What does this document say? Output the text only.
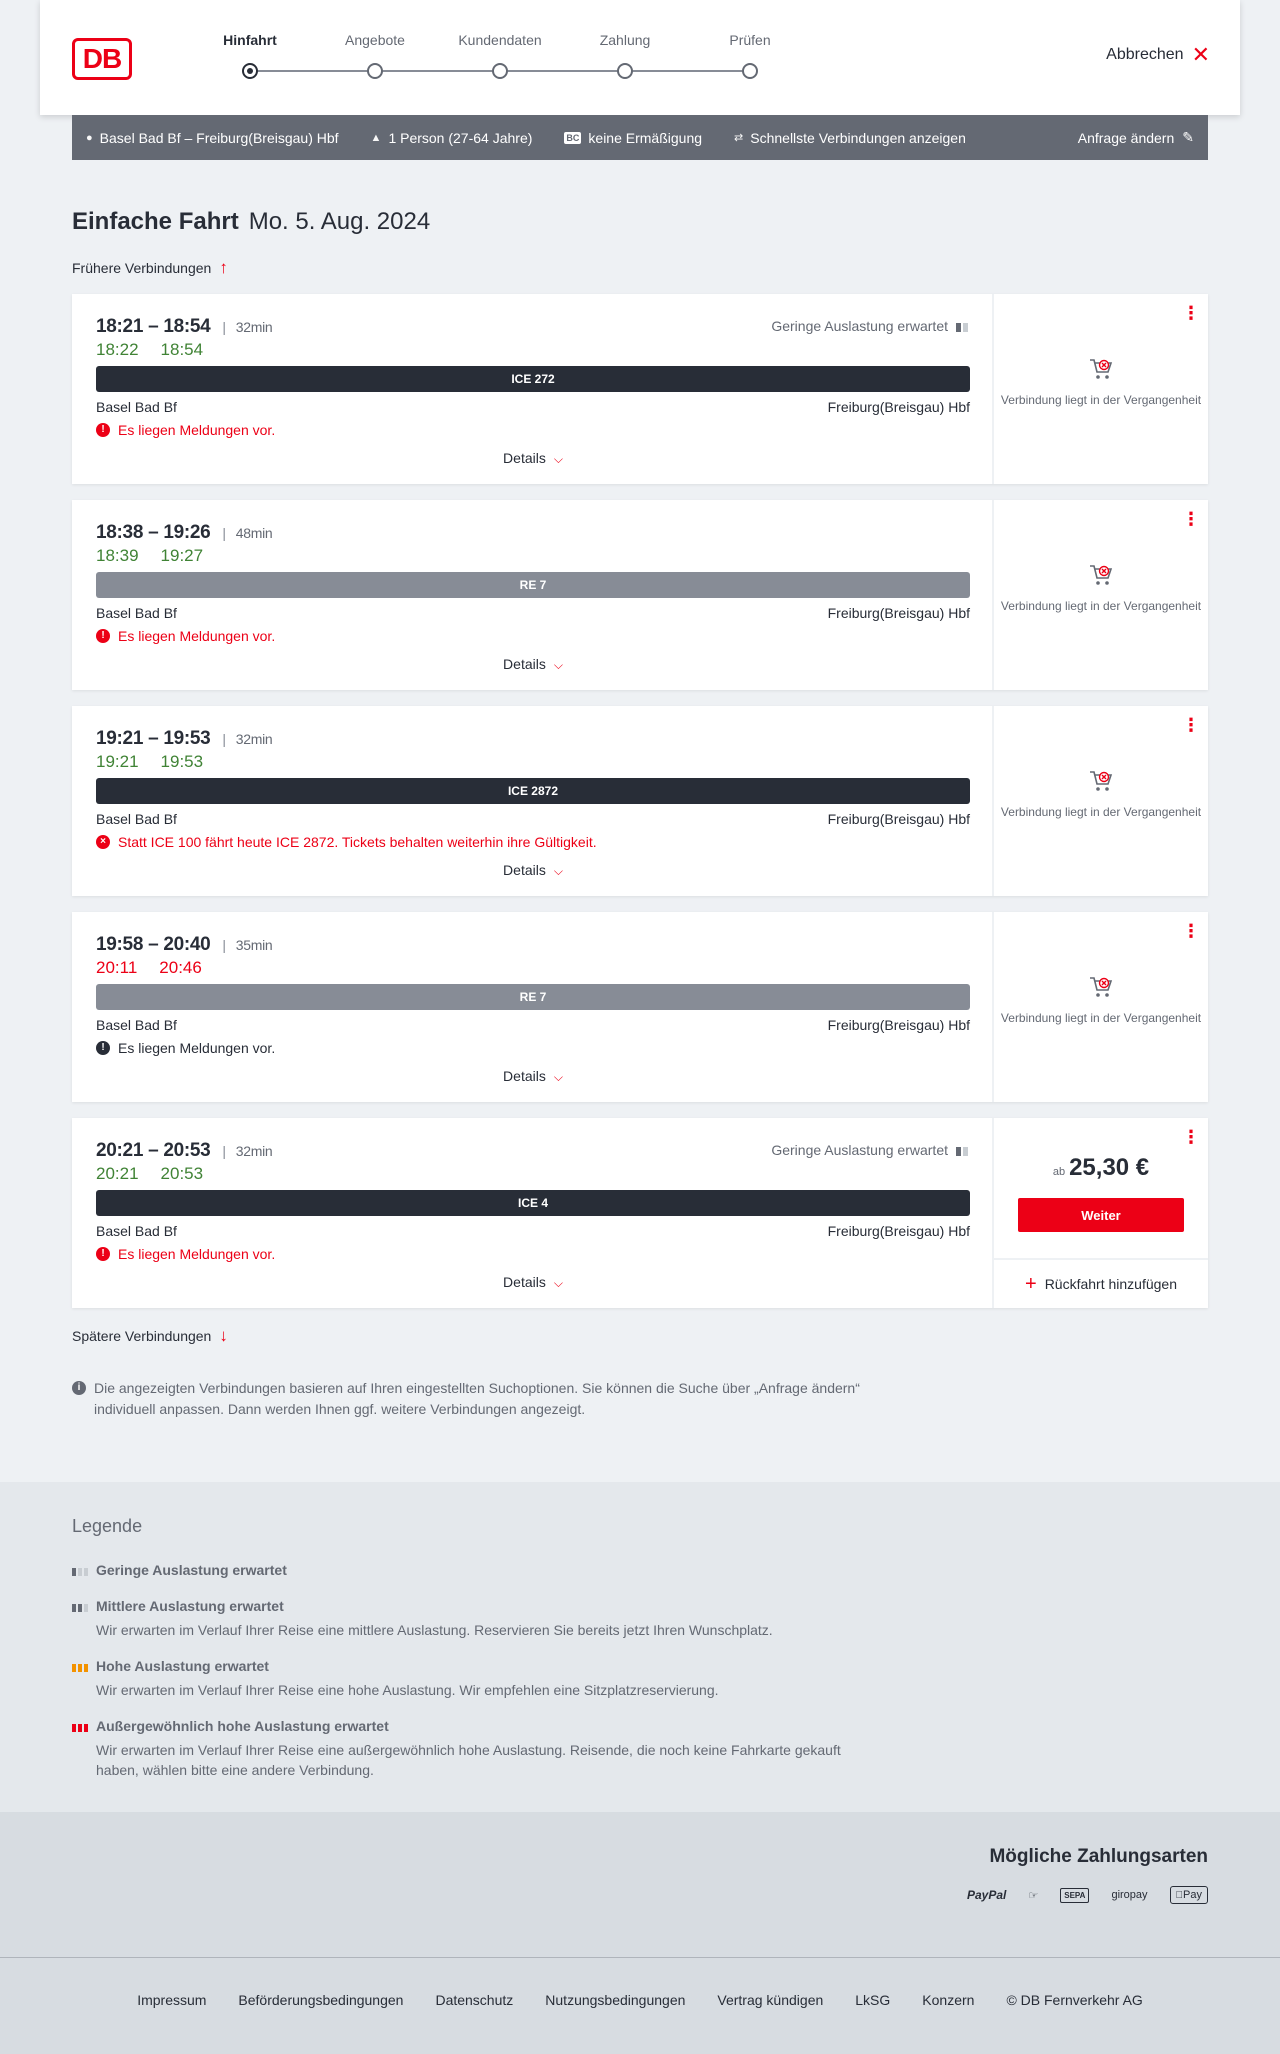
DB
Hinfahrt	Angebote	Kundendaten	Zahlung	Prüfen
Abbrechen ✕
● Basel Bad Bf – Freiburg(Breisgau) Hbf	▲ 1 Person (27-64 Jahre)	BC keine Ermäßigung	⇄ Schnellste Verbindungen anzeigen	Anfrage ändern ✎
Einfache Fahrt Mo. 5. Aug. 2024
Frühere Verbindungen ↑
18:21 – 18:54 | 32min
18:22 18:54
Geringe Auslastung erwartet
ICE 272
Basel Bad Bf	Freiburg(Breisgau) Hbf
! Es liegen Meldungen vor.
Details ⌵
⋮
Verbindung liegt in der Vergangenheit
18:38 – 19:26 | 48min
18:39 19:27
RE 7
Basel Bad Bf	Freiburg(Breisgau) Hbf
! Es liegen Meldungen vor.
Details ⌵
⋮
Verbindung liegt in der Vergangenheit
19:21 – 19:53 | 32min
19:21 19:53
ICE 2872
Basel Bad Bf	Freiburg(Breisgau) Hbf
× Statt ICE 100 fährt heute ICE 2872. Tickets behalten weiterhin ihre Gültigkeit.
Details ⌵
⋮
Verbindung liegt in der Vergangenheit
19:58 – 20:40 | 35min
20:11 20:46
RE 7
Basel Bad Bf	Freiburg(Breisgau) Hbf
! Es liegen Meldungen vor.
Details ⌵
⋮
Verbindung liegt in der Vergangenheit
20:21 – 20:53 | 32min
20:21 20:53
Geringe Auslastung erwartet
ICE 4
Basel Bad Bf	Freiburg(Breisgau) Hbf
! Es liegen Meldungen vor.
Details ⌵
⋮
ab 25,30 €
Weiter
+ Rückfahrt hinzufügen
Spätere Verbindungen ↓
i Die angezeigten Verbindungen basieren auf Ihren eingestellten Suchoptionen. Sie können die Suche über „Anfrage ändern“ individuell anpassen. Dann werden Ihnen ggf. weitere Verbindungen angezeigt.
Legende
Geringe Auslastung erwartet
Mittlere Auslastung erwartet
Wir erwarten im Verlauf Ihrer Reise eine mittlere Auslastung. Reservieren Sie bereits jetzt Ihren Wunschplatz.
Hohe Auslastung erwartet
Wir erwarten im Verlauf Ihrer Reise eine hohe Auslastung. Wir empfehlen eine Sitzplatzreservierung.
Außergewöhnlich hohe Auslastung erwartet
Wir erwarten im Verlauf Ihrer Reise eine außergewöhnlich hohe Auslastung. Reisende, die noch keine Fahrkarte gekauft haben, wählen bitte eine andere Verbindung.
Mögliche Zahlungsarten
PayPal	☞	SEPA	giropay	Pay
Impressum Beförderungsbedingungen Datenschutz Nutzungsbedingungen Vertrag kündigen LkSG Konzern © DB Fernverkehr AG
